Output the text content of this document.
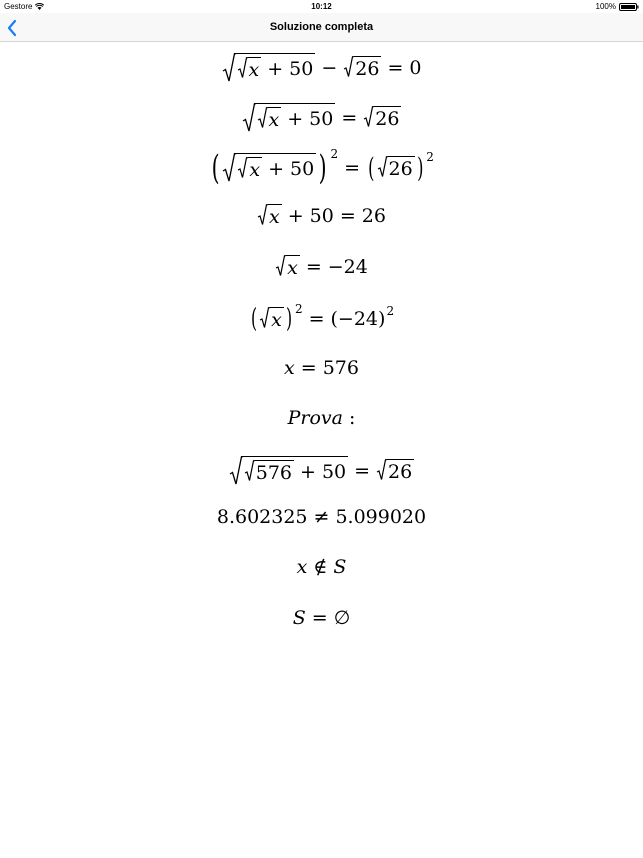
Gestore	10:12	100%
Soluzione completa
x + 50 − 26 = 0
x + 50 = 26
( x + 50 ) 2
= ( 26 ) 2
x + 50 = 26
x = −24
( x ) 2 = ( −24 ) 2
x = 576
Prova :
576 + 50 = 26
8.602325 ≠ 5.099020
x ∉ S
S = ∅
